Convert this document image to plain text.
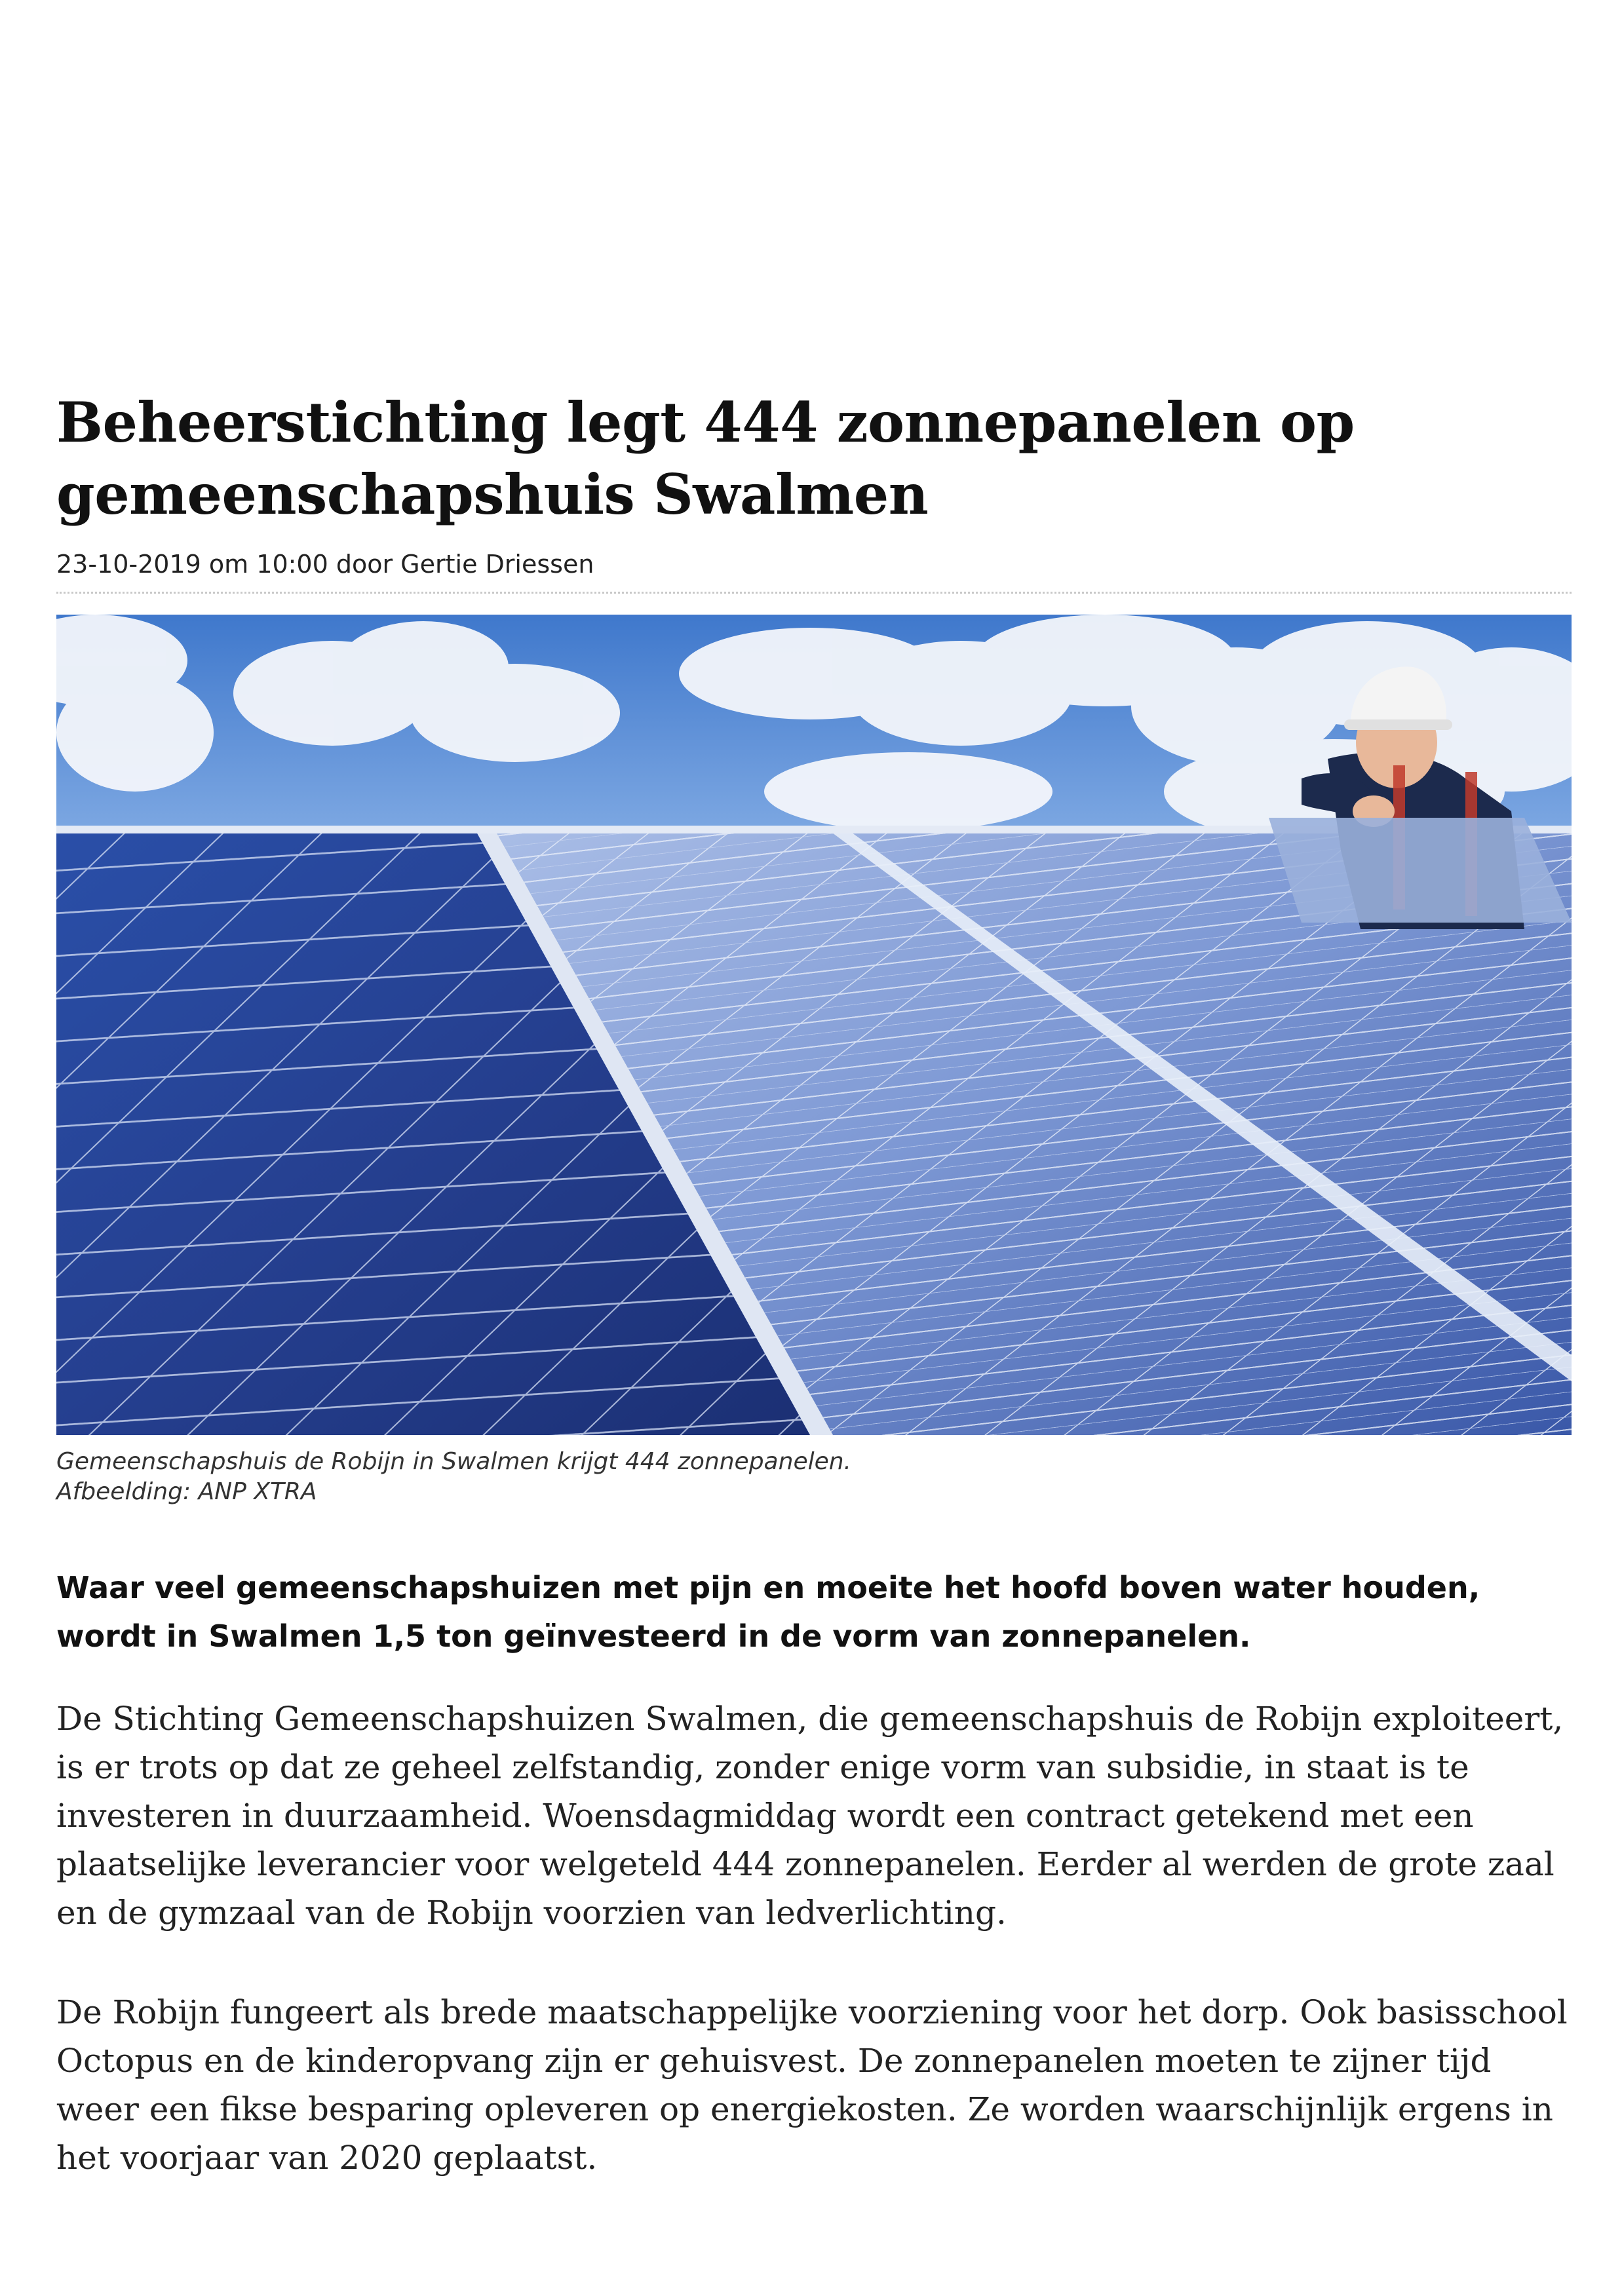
Beheerstichting legt 444 zonnepanelen op gemeenschapshuis Swalmen
23-10-2019 om 10:00 door Gertie Driessen
Gemeenschapshuis de Robijn in Swalmen krijgt 444 zonnepanelen.
Afbeelding: ANP XTRA

Waar veel gemeenschapshuizen met pijn en moeite het hoofd boven water houden, wordt in Swalmen 1,5 ton geïnvesteerd in de vorm van zonnepanelen.

De Stichting Gemeenschapshuizen Swalmen, die gemeenschapshuis de Robijn exploiteert, is er trots op dat ze geheel zelfstandig, zonder enige vorm van subsidie, in staat is te investeren in duurzaamheid. Woensdagmiddag wordt een contract getekend met een plaatselijke leverancier voor welgeteld 444 zonnepanelen. Eerder al werden de grote zaal en de gymzaal van de Robijn voorzien van ledverlichting.

De Robijn fungeert als brede maatschappelijke voorziening voor het dorp. Ook basisschool Octopus en de kinderopvang zijn er gehuisvest. De zonnepanelen moeten te zijner tijd weer een fikse besparing opleveren op energiekosten. Ze worden waarschijnlijk ergens in het voorjaar van 2020 geplaatst.
